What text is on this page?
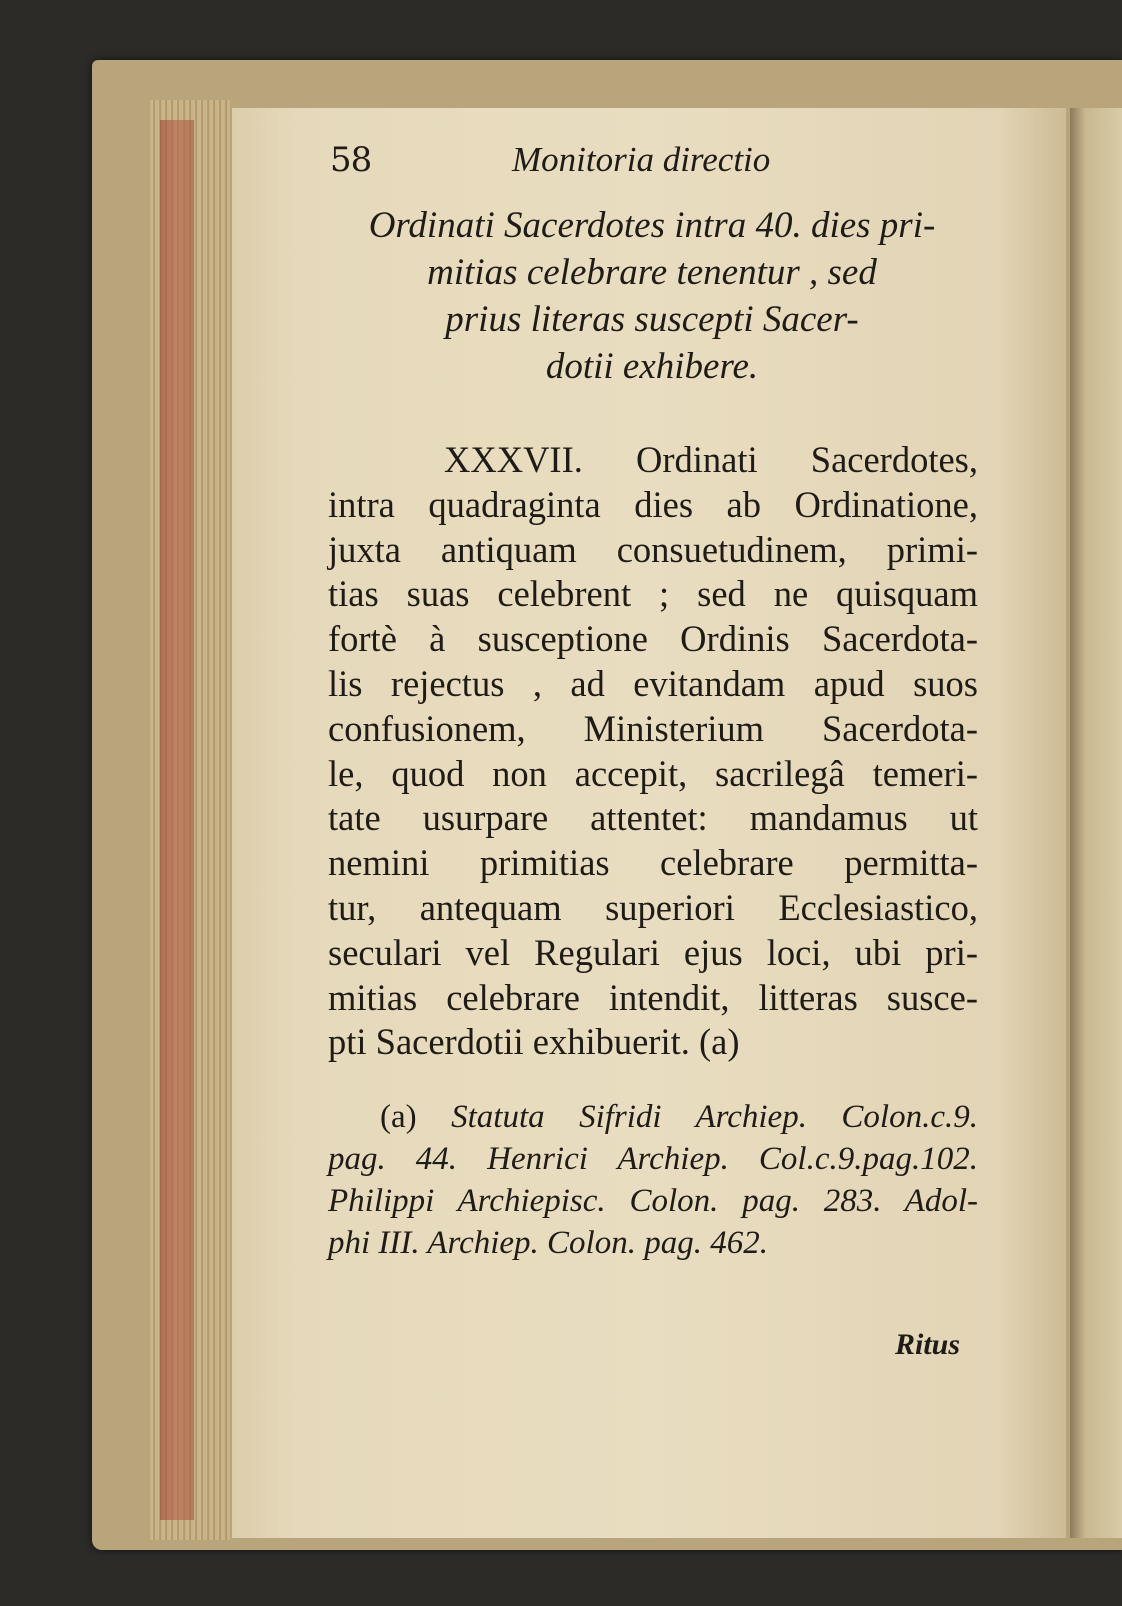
58	Monitoria directio
Ordinati Sacerdotes intra 40. dies pri-
mitias celebrare tenentur , sed
prius literas suscepti Sacer-
dotii exhibere.
XXXVII. Ordinati Sacerdotes,
intra quadraginta dies ab Ordinatione,
juxta antiquam consuetudinem, primi-
tias suas celebrent ; sed ne quisquam
fortè à susceptione Ordinis Sacerdota-
lis rejectus , ad evitandam apud suos
confusionem, Ministerium Sacerdota-
le, quod non accepit, sacrilegâ temeri-
tate usurpare attentet: mandamus ut
nemini primitias celebrare permitta-
tur, antequam superiori Ecclesiastico,
seculari vel Regulari ejus loci, ubi pri-
mitias celebrare intendit, litteras susce-
pti Sacerdotii exhibuerit. (a)
(a) Statuta Sifridi Archiep. Colon.c.9.
pag. 44. Henrici Archiep. Col.c.9.pag.102.
Philippi Archiepisc. Colon. pag. 283. Adol-
phi III. Archiep. Colon. pag. 462.
Ritus
